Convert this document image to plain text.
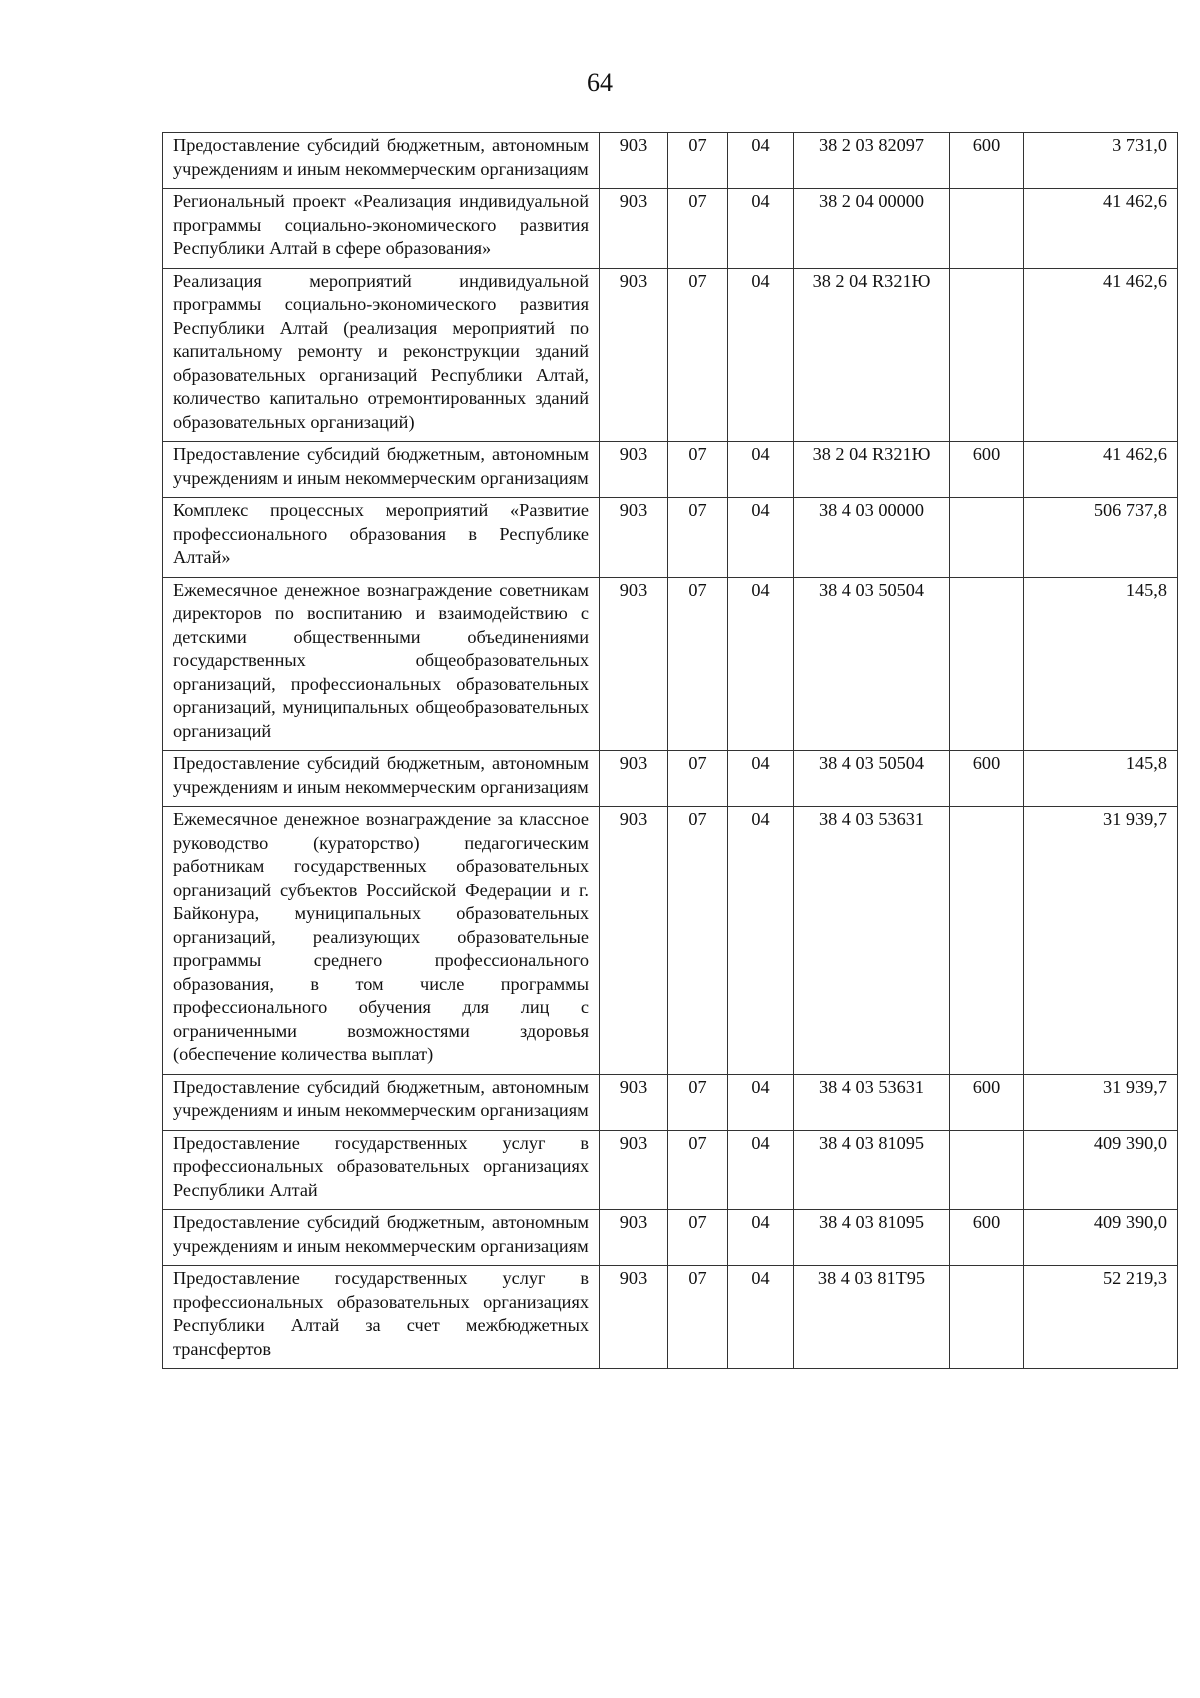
64
Предоставление субсидий бюджетным, автономным учреждениям и иным некоммерческим организациям	903	07	04	38 2 03 82097	600	3 731,0
Региональный проект «Реализация индивидуальной программы социально-экономического развития Республики Алтай в сфере образования»	903	07	04	38 2 04 00000		41 462,6
Реализация мероприятий индивидуальной программы социально-экономического развития Республики Алтай (реализация мероприятий по капитальному ремонту и реконструкции зданий образовательных организаций Республики Алтай, количество капитально отремонтированных зданий образовательных организаций)	903	07	04	38 2 04 R321Ю		41 462,6
Предоставление субсидий бюджетным, автономным учреждениям и иным некоммерческим организациям	903	07	04	38 2 04 R321Ю	600	41 462,6
Комплекс процессных мероприятий «Развитие профессионального образования в Республике Алтай»	903	07	04	38 4 03 00000		506 737,8
Ежемесячное денежное вознаграждение советникам директоров по воспитанию и взаимодействию с детскими общественными объединениями государственных общеобразовательных организаций, профессиональных образовательных организаций, муниципальных общеобразовательных организаций	903	07	04	38 4 03 50504		145,8
Предоставление субсидий бюджетным, автономным учреждениям и иным некоммерческим организациям	903	07	04	38 4 03 50504	600	145,8
Ежемесячное денежное вознаграждение за классное руководство (кураторство) педагогическим работникам государственных образовательных организаций субъектов Российской Федерации и г. Байконура, муниципальных образовательных организаций, реализующих образовательные программы среднего профессионального образования, в том числе программы профессионального обучения для лиц с ограниченными возможностями здоровья (обеспечение количества выплат)	903	07	04	38 4 03 53631		31 939,7
Предоставление субсидий бюджетным, автономным учреждениям и иным некоммерческим организациям	903	07	04	38 4 03 53631	600	31 939,7
Предоставление государственных услуг в профессиональных образовательных организациях Республики Алтай	903	07	04	38 4 03 81095		409 390,0
Предоставление субсидий бюджетным, автономным учреждениям и иным некоммерческим организациям	903	07	04	38 4 03 81095	600	409 390,0
Предоставление государственных услуг в профессиональных образовательных организациях Республики Алтай за счет межбюджетных трансфертов	903	07	04	38 4 03 81Т95		52 219,3
